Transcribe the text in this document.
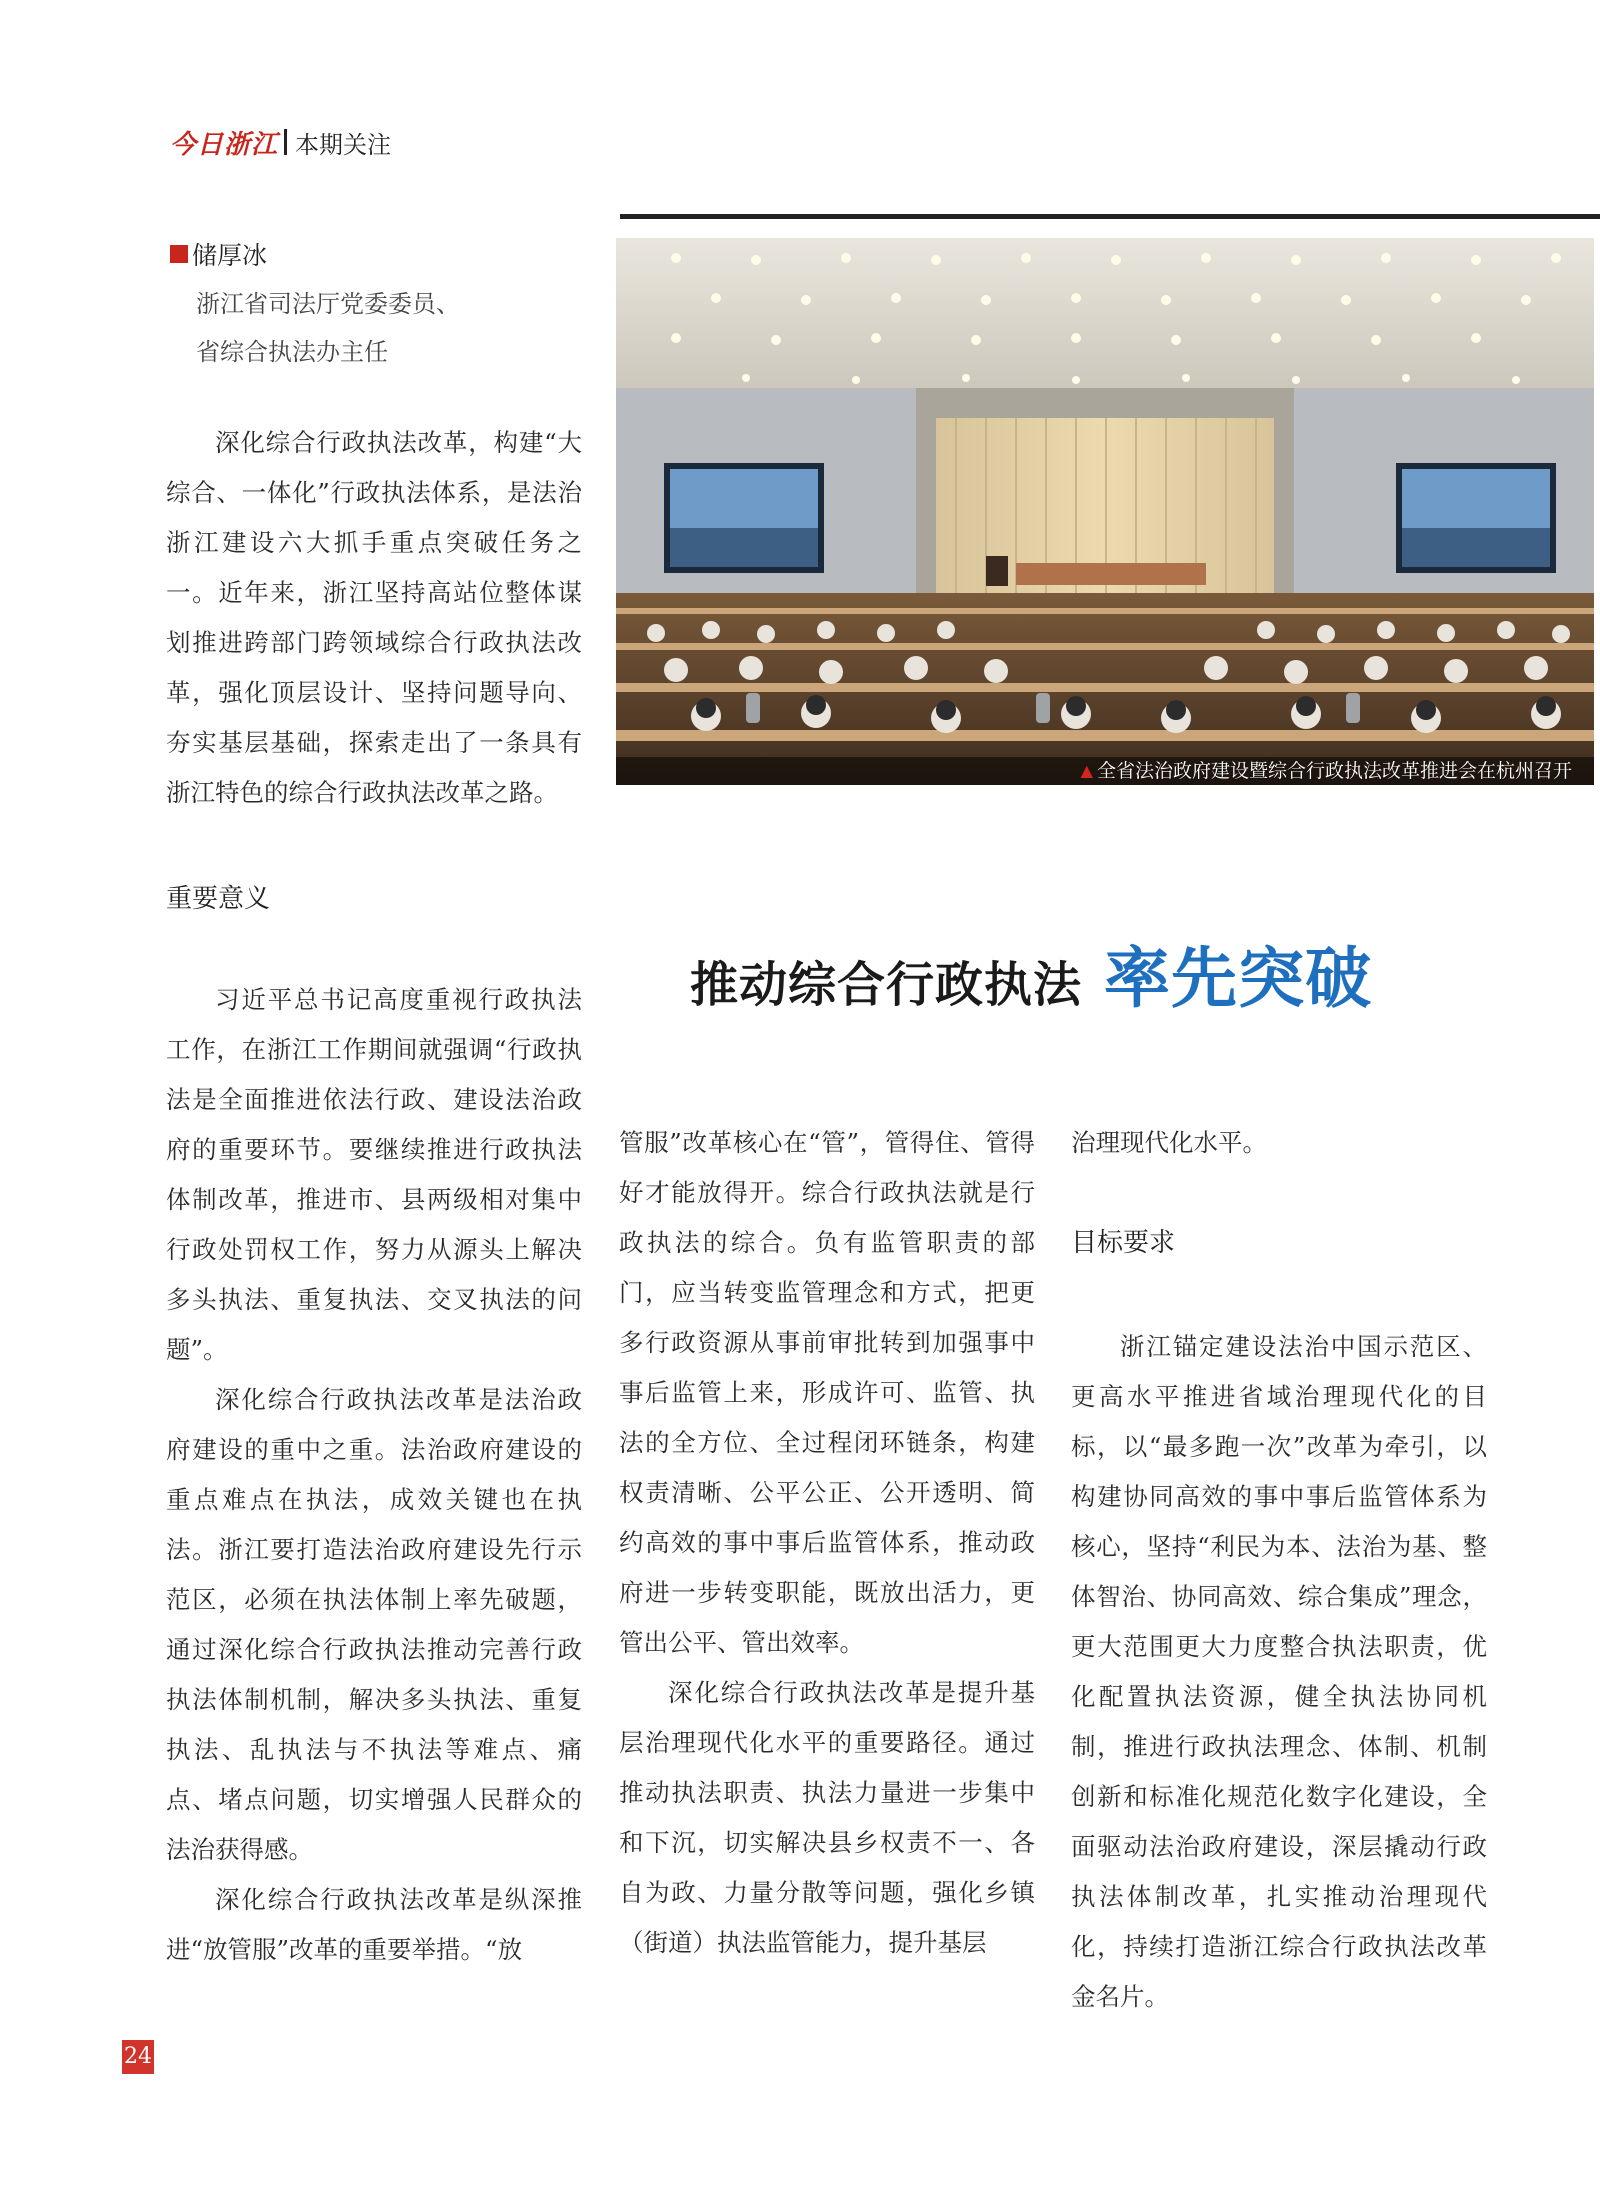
今日浙江 本期关注
储厚冰
浙江省司法厅党委委员、
省综合执法办主任
▲ 全省法治政府建设暨综合行政执法改革推进会在杭州召开
推动综合行政执法 率先突破

深化综合行政执法改革，构建“大综合、一体化”行政执法体系，是法治浙江建设六大抓手重点突破任务之一。近年来，浙江坚持高站位整体谋划推进跨部门跨领域综合行政执法改革，强化顶层设计、坚持问题导向、夯实基层基础，探索走出了一条具有浙江特色的综合行政执法改革之路。

重要意义

习近平总书记高度重视行政执法工作，在浙江工作期间就强调“行政执法是全面推进依法行政、建设法治政府的重要环节。要继续推进行政执法体制改革，推进市、县两级相对集中行政处罚权工作，努力从源头上解决多头执法、重复执法、交叉执法的问题”。

深化综合行政执法改革是法治政府建设的重中之重。法治政府建设的重点难点在执法，成效关键也在执法。浙江要打造法治政府建设先行示范区，必须在执法体制上率先破题，通过深化综合行政执法推动完善行政执法体制机制，解决多头执法、重复执法、乱执法与不执法等难点、痛点、堵点问题，切实增强人民群众的法治获得感。

深化综合行政执法改革是纵深推进“放管服”改革的重要举措。“放

管服”改革核心在“管”，管得住、管得好才能放得开。综合行政执法就是行政执法的综合。负有监管职责的部门，应当转变监管理念和方式，把更多行政资源从事前审批转到加强事中事后监管上来，形成许可、监管、执法的全方位、全过程闭环链条，构建权责清晰、公平公正、公开透明、简约高效的事中事后监管体系，推动政府进一步转变职能，既放出活力，更管出公平、管出效率。

深化综合行政执法改革是提升基层治理现代化水平的重要路径。通过推动执法职责、执法力量进一步集中和下沉，切实解决县乡权责不一、各自为政、力量分散等问题，强化乡镇（街道）执法监管能力，提升基层

治理现代化水平。

目标要求

浙江锚定建设法治中国示范区、更高水平推进省域治理现代化的目标，以“最多跑一次”改革为牵引，以构建协同高效的事中事后监管体系为核心，坚持“利民为本、法治为基、整体智治、协同高效、综合集成”理念，更大范围更大力度整合执法职责，优化配置执法资源，健全执法协同机制，推进行政执法理念、体制、机制创新和标准化规范化数字化建设，全面驱动法治政府建设，深层撬动行政执法体制改革，扎实推动治理现代化，持续打造浙江综合行政执法改革金名片。

24
